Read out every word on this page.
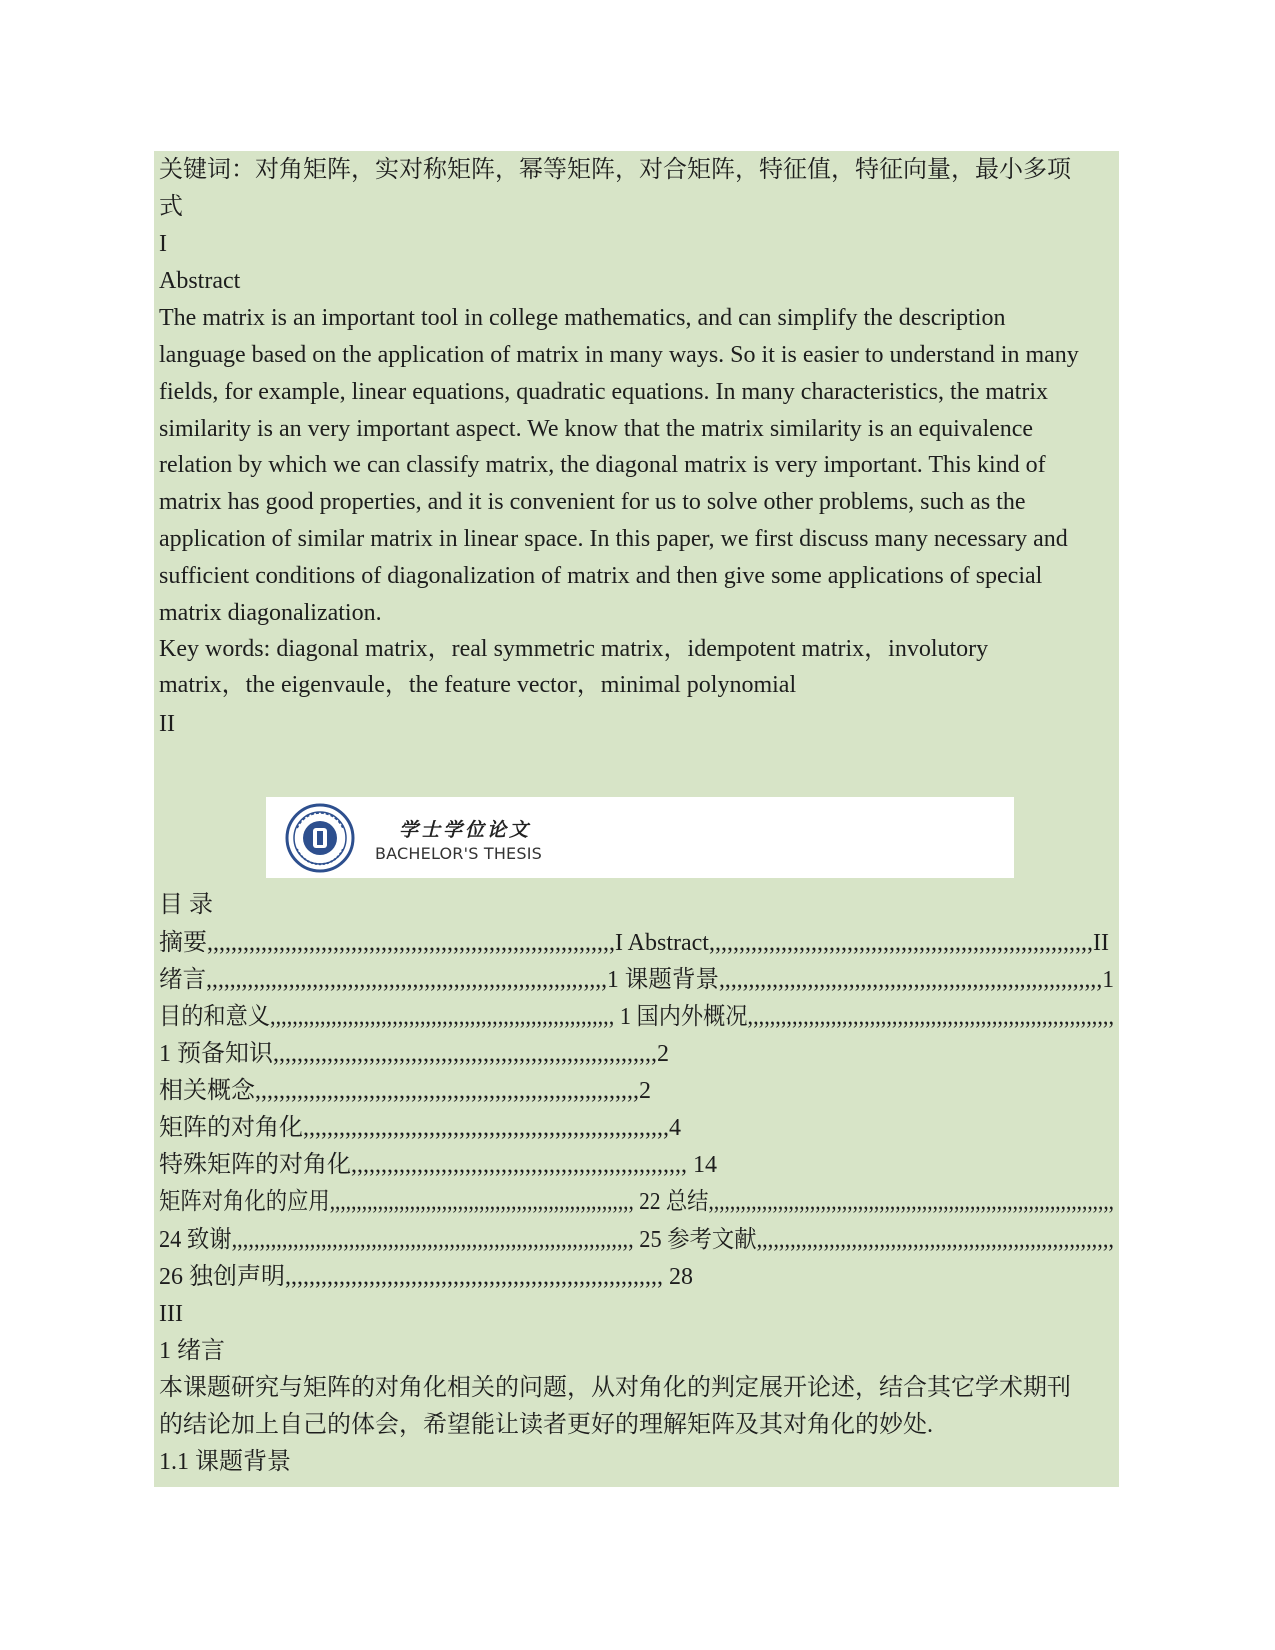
关键词：对角矩阵，实对称矩阵，幂等矩阵，对合矩阵，特征值，特征向量，最小多项
式
I
Abstract
The matrix is an important tool in college mathematics, and can simplify the description
language based on the application of matrix in many ways. So it is easier to understand in many
fields, for example, linear equations, quadratic equations. In many characteristics, the matrix
similarity is an very important aspect. We know that the matrix similarity is an equivalence
relation by which we can classify matrix, the diagonal matrix is very important. This kind of
matrix has good properties, and it is convenient for us to solve other problems, such as the
application of similar matrix in linear space. In this paper, we first discuss many necessary and
sufficient conditions of diagonalization of matrix and then give some applications of special
matrix diagonalization.
Key words: diagonal matrix，real symmetric matrix，idempotent matrix，involutory
matrix，the eigenvaule，the feature vector，minimal polynomial
II
学士学位论文
BACHELOR'S THESIS
目 录
摘要,,,,,,,,,,,,,,,,,,,,,,,,,,,,,,,,,,,,,,,,,,,,,,,,,,,,,,,,,,,,,,,,,,,,I Abstract,,,,,,,,,,,,,,,,,,,,,,,,,,,,,,,,,,,,,,,,,,,,,,,,,,,,,,,,,,,,,,,,II
绪言,,,,,,,,,,,,,,,,,,,,,,,,,,,,,,,,,,,,,,,,,,,,,,,,,,,,,,,,,,,,,,,,,,,,1 课题背景,,,,,,,,,,,,,,,,,,,,,,,,,,,,,,,,,,,,,,,,,,,,,,,,,,,,,,,,,,,,,,,,,1
目的和意义,,,,,,,,,,,,,,,,,,,,,,,,,,,,,,,,,,,,,,,,,,,,,,,,,,,,,,,,,,,,,, 1 国内外概况,,,,,,,,,,,,,,,,,,,,,,,,,,,,,,,,,,,,,,,,,,,,,,,,,,,,,,,,,,,,,,,,,,
1 预备知识,,,,,,,,,,,,,,,,,,,,,,,,,,,,,,,,,,,,,,,,,,,,,,,,,,,,,,,,,,,,,,,,2
相关概念,,,,,,,,,,,,,,,,,,,,,,,,,,,,,,,,,,,,,,,,,,,,,,,,,,,,,,,,,,,,,,,,2
矩阵的对角化,,,,,,,,,,,,,,,,,,,,,,,,,,,,,,,,,,,,,,,,,,,,,,,,,,,,,,,,,,,,,4
特殊矩阵的对角化,,,,,,,,,,,,,,,,,,,,,,,,,,,,,,,,,,,,,,,,,,,,,,,,,,,,,,,, 14
矩阵对角化的应用,,,,,,,,,,,,,,,,,,,,,,,,,,,,,,,,,,,,,,,,,,,,,,,,,,,,,,,,, 22 总结,,,,,,,,,,,,,,,,,,,,,,,,,,,,,,,,,,,,,,,,,,,,,,,,,,,,,,,,,,,,,,,,,,,,,,,,,,,,
24 致谢,,,,,,,,,,,,,,,,,,,,,,,,,,,,,,,,,,,,,,,,,,,,,,,,,,,,,,,,,,,,,,,,,,,,,,,, 25 参考文献,,,,,,,,,,,,,,,,,,,,,,,,,,,,,,,,,,,,,,,,,,,,,,,,,,,,,,,,,,,,,,,,
26 独创声明,,,,,,,,,,,,,,,,,,,,,,,,,,,,,,,,,,,,,,,,,,,,,,,,,,,,,,,,,,,,,,, 28
III
1 绪言
本课题研究与矩阵的对角化相关的问题，从对角化的判定展开论述，结合其它学术期刊
的结论加上自己的体会，希望能让读者更好的理解矩阵及其对角化的妙处.
1.1 课题背景
